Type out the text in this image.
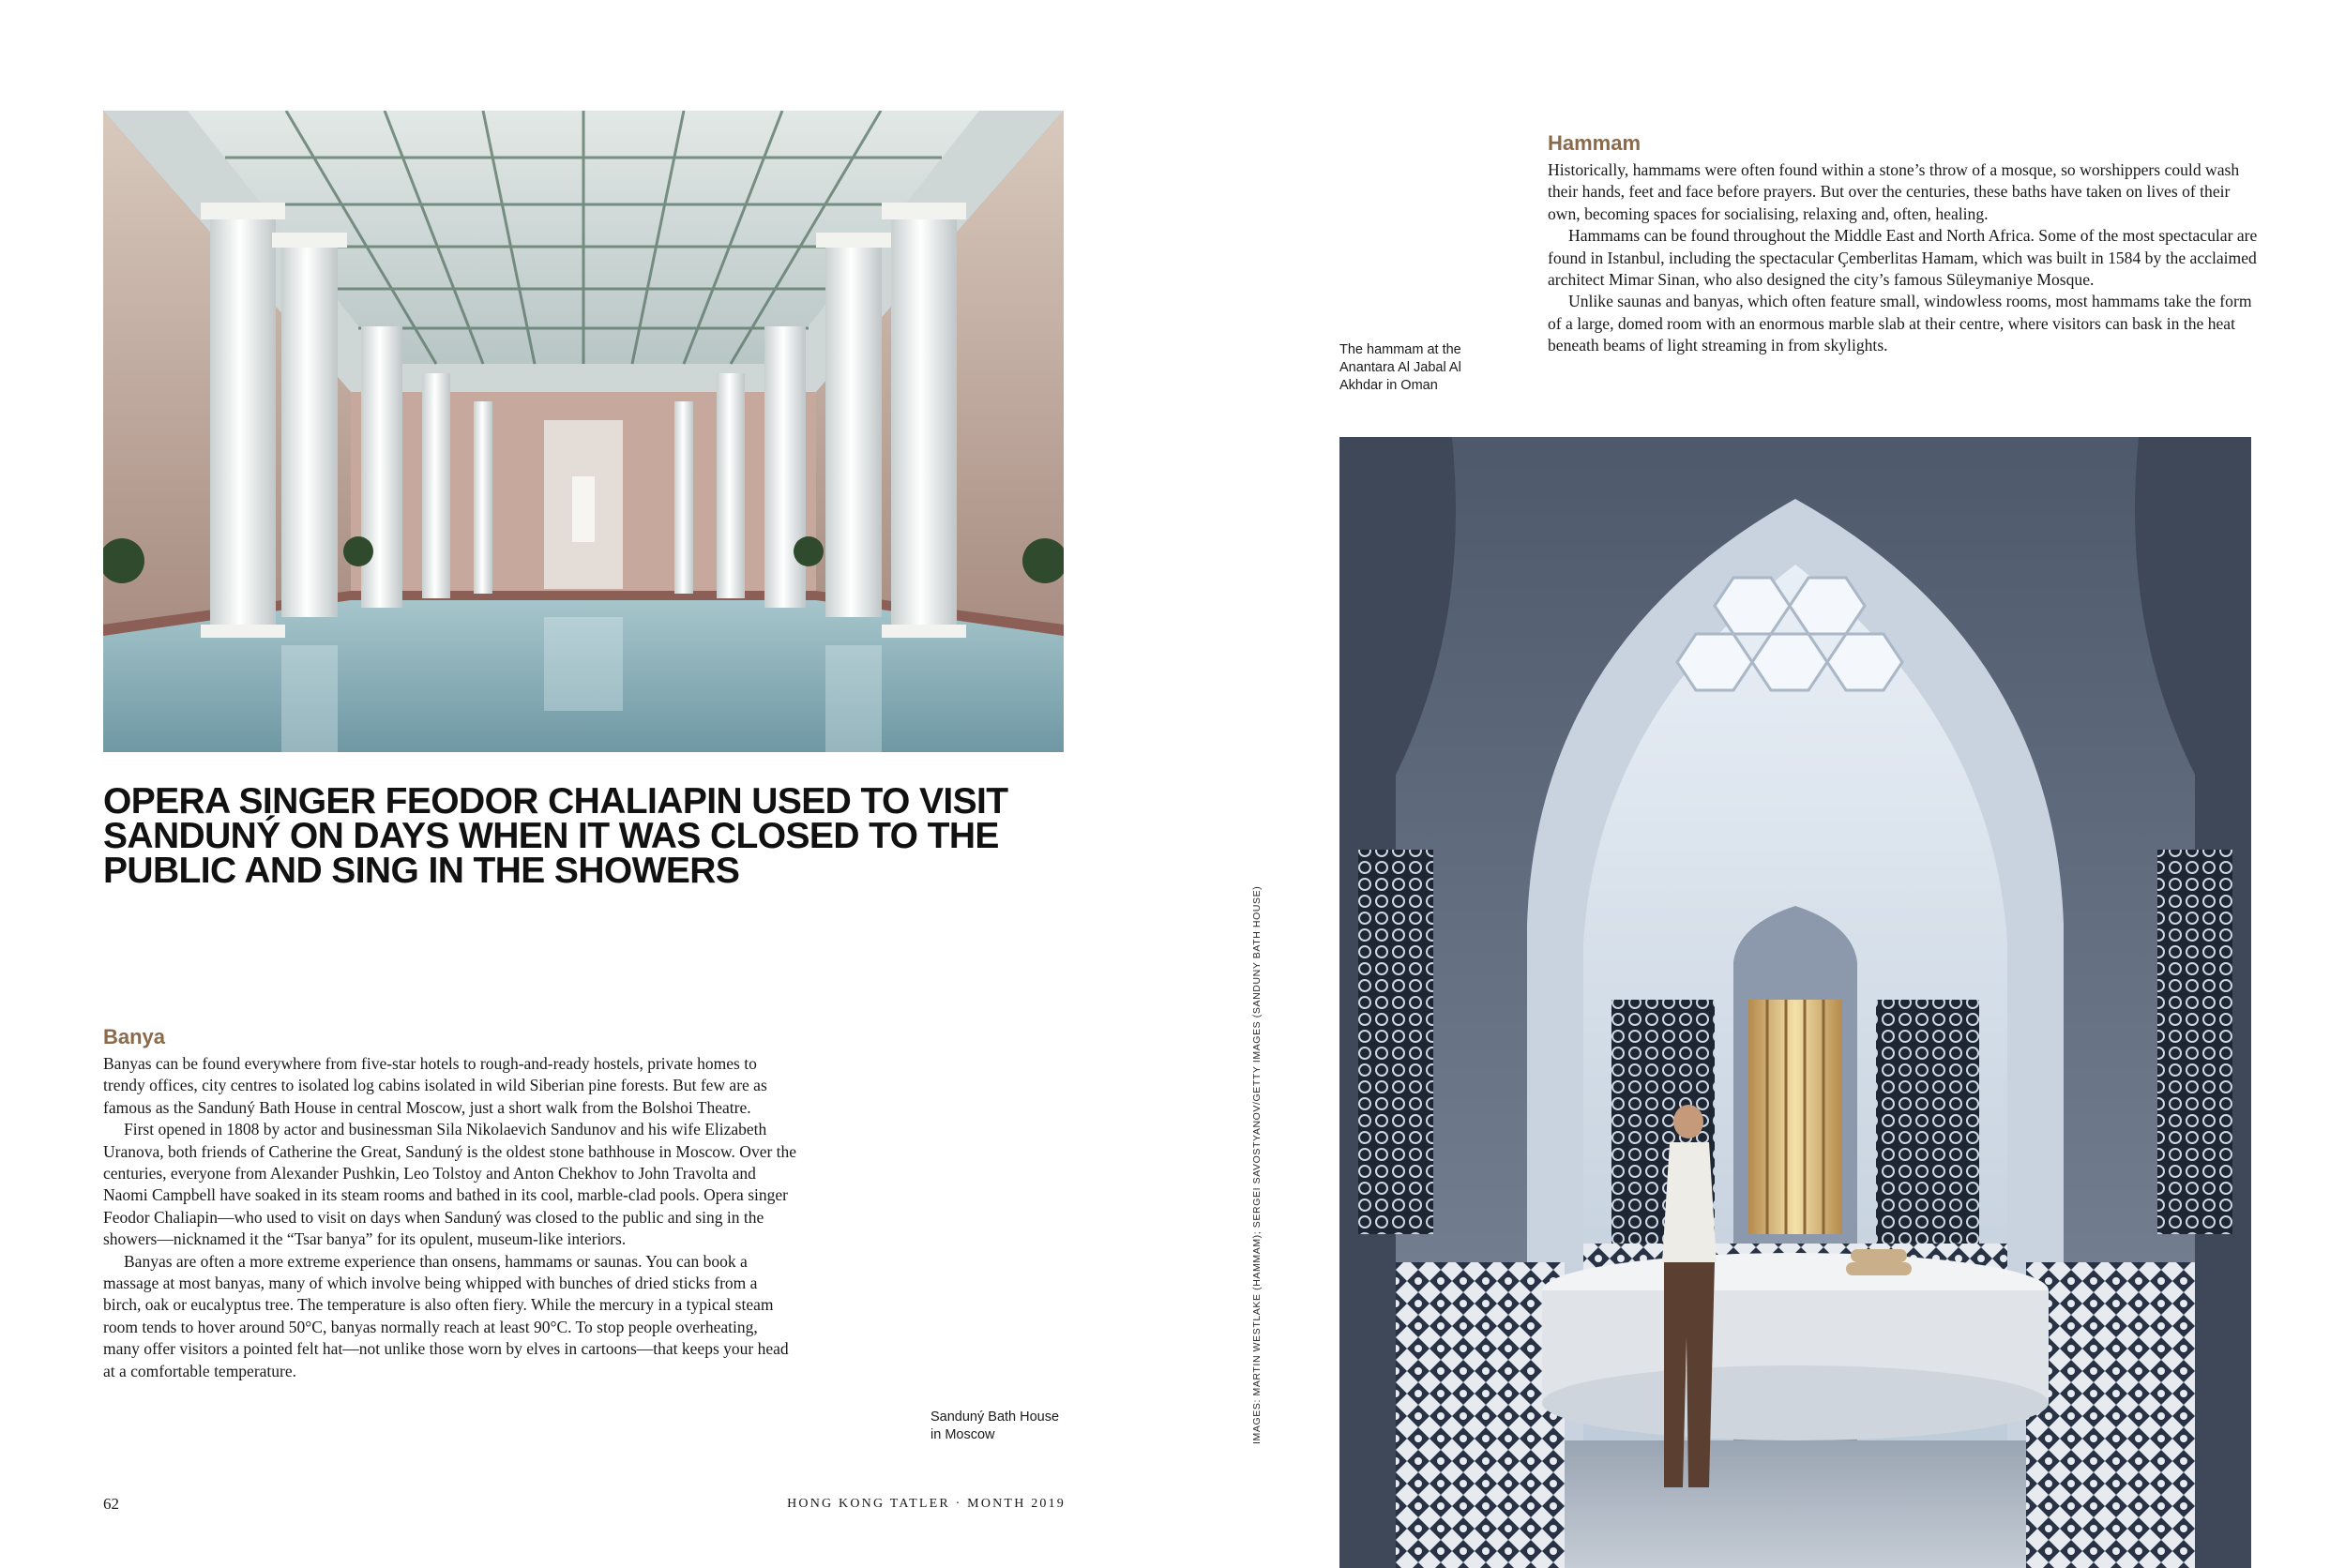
OPERA SINGER FEODOR CHALIAPIN USED TO VISIT
SANDUNÝ ON DAYS WHEN IT WAS CLOSED TO THE
PUBLIC AND SING IN THE SHOWERS
Banya

Banyas can be found everywhere from five-star hotels to rough-and-ready hostels, private homes to trendy offices, city centres to isolated log cabins isolated in wild Siberian pine forests. But few are as famous as the Sanduný Bath House in central Moscow, just a short walk from the Bolshoi Theatre.

First opened in 1808 by actor and businessman Sila Nikolaevich Sandunov and his wife Elizabeth Uranova, both friends of Catherine the Great, Sanduný is the oldest stone bathhouse in Moscow. Over the centuries, everyone from Alexander Pushkin, Leo Tolstoy and Anton Chekhov to John Travolta and Naomi Campbell have soaked in its steam rooms and bathed in its cool, marble-clad pools. Opera singer Feodor Chaliapin—who used to visit on days when Sanduný was closed to the public and sing in the showers—nicknamed it the “Tsar banya” for its opulent, museum-like interiors.

Banyas are often a more extreme experience than onsens, hammams or saunas. You can book a massage at most banyas, many of which involve being whipped with bunches of dried sticks from a birch, oak or eucalyptus tree. The temperature is also often fiery. While the mercury in a typical steam room tends to hover around 50°C, banyas normally reach at least 90°C. To stop people overheating, many offer visitors a pointed felt hat—not unlike those worn by elves in cartoons—that keeps your head at a comfortable temperature.

Sanduný Bath House
in Moscow
62	HONG KONG TATLER · MONTH 2019
IMAGES: MARTIN WESTLAKE (HAMMAM); SERGEI SAVOSTYANOV/GETTY IMAGES (SANDUNY BATH HOUSE)
Hammam

Historically, hammams were often found within a stone’s throw of a mosque, so worshippers could wash their hands, feet and face before prayers. But over the centuries, these baths have taken on lives of their own, becoming spaces for socialising, relaxing and, often, healing.

Hammams can be found throughout the Middle East and North Africa. Some of the most spectacular are found in Istanbul, including the spectacular Çemberlitas Hamam, which was built in 1584 by the acclaimed architect Mimar Sinan, who also designed the city’s famous Süleymaniye Mosque.

Unlike saunas and banyas, which often feature small, windowless rooms, most hammams take the form of a large, domed room with an enormous marble slab at their centre, where visitors can bask in the heat beneath beams of light streaming in from skylights.

The hammam at the
Anantara Al Jabal Al
Akhdar in Oman
